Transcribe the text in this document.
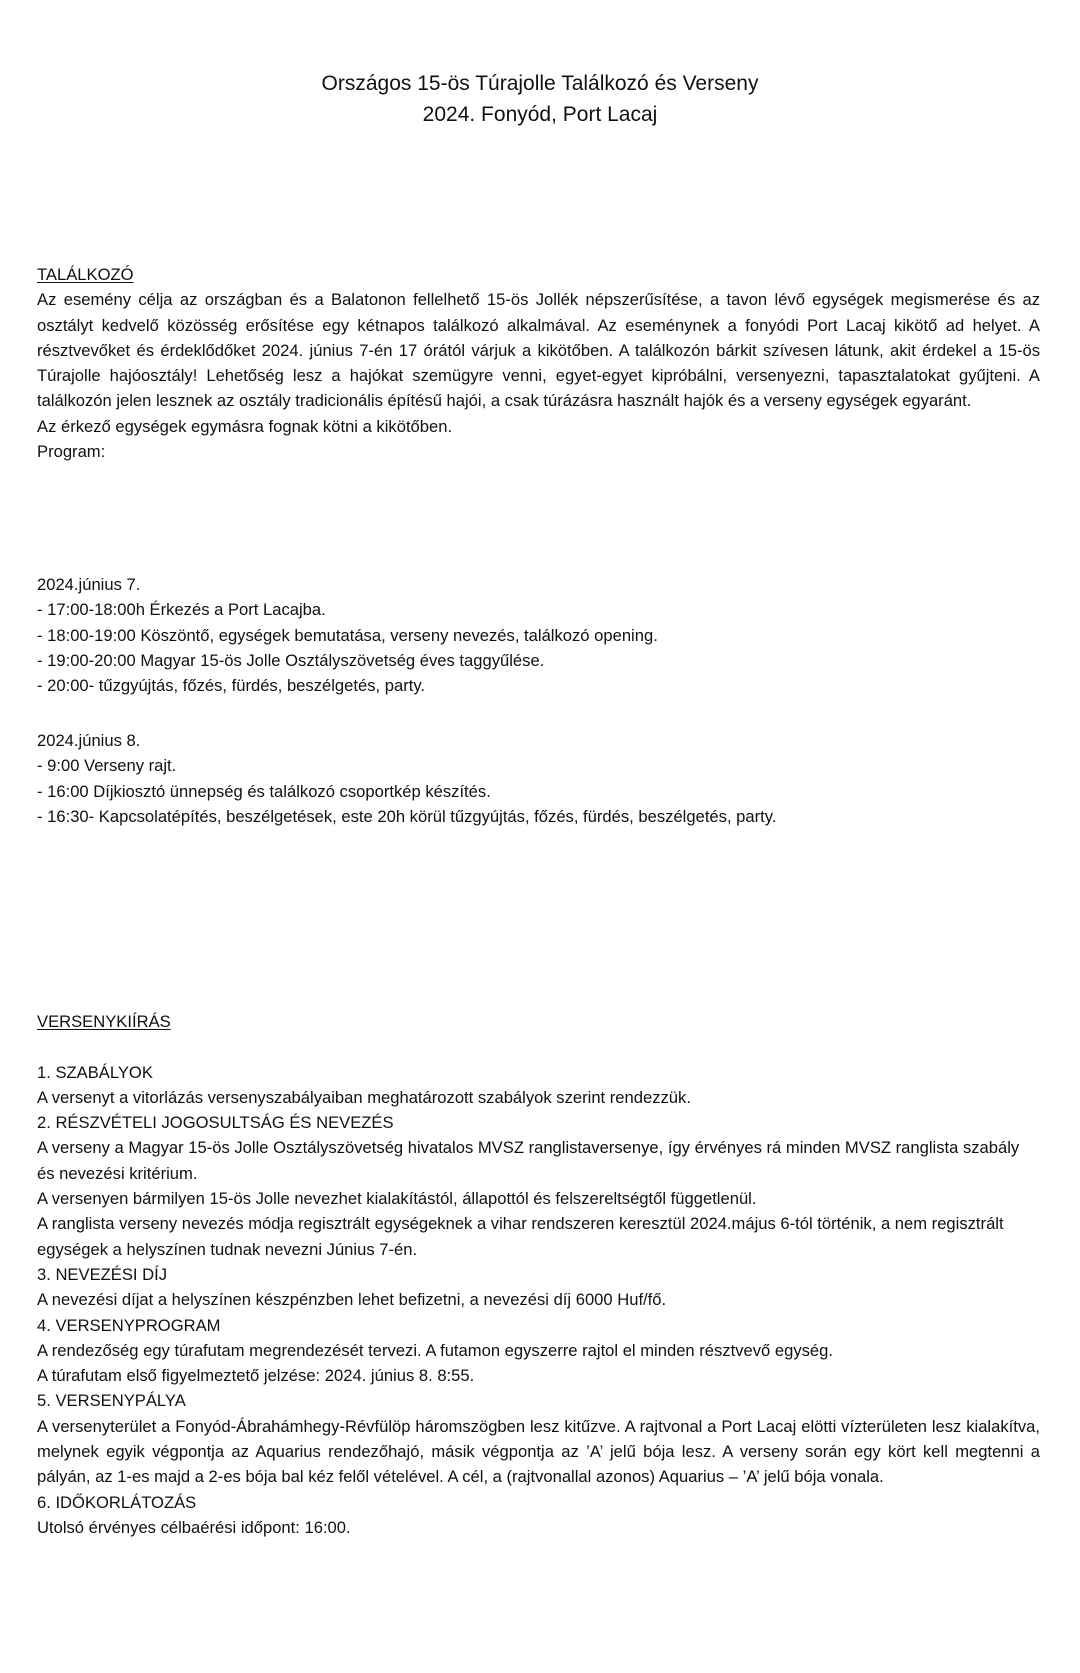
Országos 15-ös Túrajolle Találkozó és Verseny
2024. Fonyód, Port Lacaj

TALÁLKOZÓ

Az esemény célja az országban és a Balatonon fellelhető 15-ös Jollék népszerűsítése, a tavon lévő egységek megismerése és az osztályt kedvelő közösség erősítése egy kétnapos találkozó alkalmával. Az eseménynek a fonyódi Port Lacaj kikötő ad helyet. A résztvevőket és érdeklődőket 2024. június 7-én 17 órától várjuk a kikötőben. A találkozón bárkit szívesen látunk, akit érdekel a 15-ös Túrajolle hajóosztály! Lehetőség lesz a hajókat szemügyre venni, egyet-egyet kipróbálni, versenyezni, tapasztalatokat gyűjteni. A találkozón jelen lesznek az osztály tradicionális építésű hajói, a csak túrázásra használt hajók és a verseny egységek egyaránt.

Az érkező egységek egymásra fognak kötni a kikötőben.

Program:

2024.június 7.

- 17:00-18:00h Érkezés a Port Lacajba.

- 18:00-19:00 Köszöntő, egységek bemutatása, verseny nevezés, találkozó opening.

- 19:00-20:00 Magyar 15-ös Jolle Osztályszövetség éves taggyűlése.

- 20:00- tűzgyújtás, főzés, fürdés, beszélgetés, party.

2024.június 8.

- 9:00 Verseny rajt.

- 16:00 Díjkiosztó ünnepség és találkozó csoportkép készítés.

- 16:30- Kapcsolatépítés, beszélgetések, este 20h körül tűzgyújtás, főzés, fürdés, beszélgetés, party.

VERSENYKIÍRÁS

1. SZABÁLYOK

A versenyt a vitorlázás versenyszabályaiban meghatározott szabályok szerint rendezzük.

2. RÉSZVÉTELI JOGOSULTSÁG ÉS NEVEZÉS

A verseny a Magyar 15-ös Jolle Osztályszövetség hivatalos MVSZ ranglistaversenye, így érvényes rá minden MVSZ ranglista szabály és nevezési kritérium.

A versenyen bármilyen 15-ös Jolle nevezhet kialakítástól, állapottól és felszereltségtől függetlenül.

A ranglista verseny nevezés módja regisztrált egységeknek a vihar rendszeren keresztül 2024.május 6-tól történik, a nem regisztrált egységek a helyszínen tudnak nevezni Június 7-én.

3. NEVEZÉSI DÍJ

A nevezési díjat a helyszínen készpénzben lehet befizetni, a nevezési díj 6000 Huf/fő.

4. VERSENYPROGRAM

A rendezőség egy túrafutam megrendezését tervezi. A futamon egyszerre rajtol el minden résztvevő egység.

A túrafutam első figyelmeztető jelzése: 2024. június 8. 8:55.

5. VERSENYPÁLYA

A versenyterület a Fonyód-Ábrahámhegy-Révfülöp háromszögben lesz kitűzve. A rajtvonal a Port Lacaj elötti vízterületen lesz kialakítva, melynek egyik végpontja az Aquarius rendezőhajó, másik végpontja az ’A’ jelű bója lesz. A verseny során egy kört kell megtenni a pályán, az 1-es majd a 2-es bója bal kéz felől vételével. A cél, a (rajtvonallal azonos) Aquarius – ’A’ jelű bója vonala.

6. IDŐKORLÁTOZÁS

Utolsó érvényes célbaérési időpont: 16:00.
